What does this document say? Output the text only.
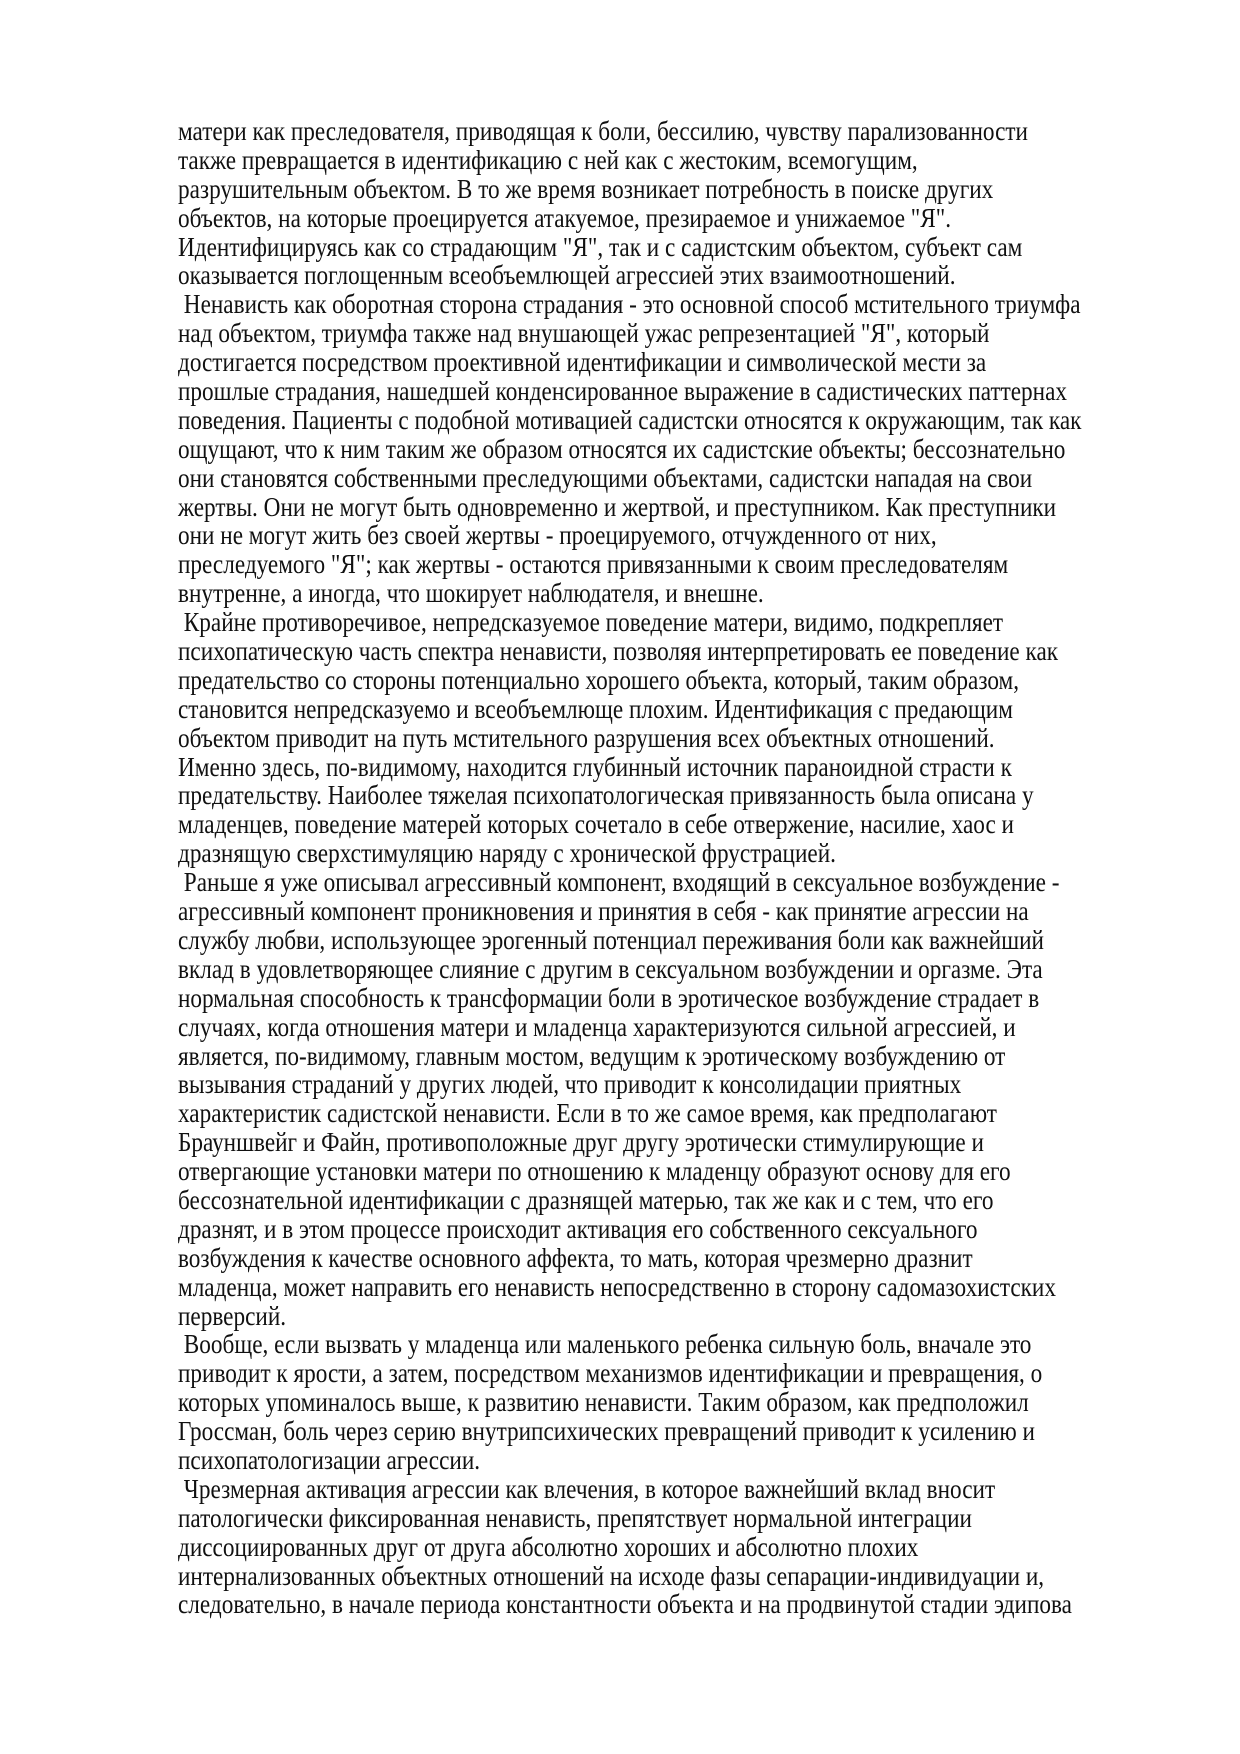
матери как преследователя, приводящая к боли, бессилию, чувству парализованности
также превращается в идентификацию с ней как с жестоким, всемогущим,
разрушительным объектом. В то же время возникает потребность в поиске других
объектов, на которые проецируется атакуемое, презираемое и унижаемое "Я".
Идентифицируясь как со страдающим "Я", так и с садистским объектом, субъект сам
оказывается поглощенным всеобъемлющей агрессией этих взаимоотношений.
Ненависть как оборотная сторона страдания - это основной способ мстительного триумфа
над объектом, триумфа также над внушающей ужас репрезентацией "Я", который
достигается посредством проективной идентификации и символической мести за
прошлые страдания, нашедшей конденсированное выражение в садистических паттернах
поведения. Пациенты с подобной мотивацией садистски относятся к окружающим, так как
ощущают, что к ним таким же образом относятся их садистские объекты; бессознательно
они становятся собственными преследующими объектами, садистски нападая на свои
жертвы. Они не могут быть одновременно и жертвой, и преступником. Как преступники
они не могут жить без своей жертвы - проецируемого, отчужденного от них,
преследуемого "Я"; как жертвы - остаются привязанными к своим преследователям
внутренне, а иногда, что шокирует наблюдателя, и внешне.
Крайне противоречивое, непредсказуемое поведение матери, видимо, подкрепляет
психопатическую часть спектра ненависти, позволяя интерпретировать ее поведение как
предательство со стороны потенциально хорошего объекта, который, таким образом,
становится непредсказуемо и всеобъемлюще плохим. Идентификация с предающим
объектом приводит на путь мстительного разрушения всех объектных отношений.
Именно здесь, по-видимому, находится глубинный источник параноидной страсти к
предательству. Наиболее тяжелая психопатологическая привязанность была описана у
младенцев, поведение матерей которых сочетало в себе отвержение, насилие, хаос и
дразнящую сверхстимуляцию наряду с хронической фрустрацией.
Раньше я уже описывал агрессивный компонент, входящий в сексуальное возбуждение -
агрессивный компонент проникновения и принятия в себя - как принятие агрессии на
службу любви, использующее эрогенный потенциал переживания боли как важнейший
вклад в удовлетворяющее слияние с другим в сексуальном возбуждении и оргазме. Эта
нормальная способность к трансформации боли в эротическое возбуждение страдает в
случаях, когда отношения матери и младенца характеризуются сильной агрессией, и
является, по-видимому, главным мостом, ведущим к эротическому возбуждению от
вызывания страданий у других людей, что приводит к консолидации приятных
характеристик садистской ненависти. Если в то же самое время, как предполагают
Брауншвейг и Файн, противоположные друг другу эротически стимулирующие и
отвергающие установки матери по отношению к младенцу образуют основу для его
бессознательной идентификации с дразнящей матерью, так же как и с тем, что его
дразнят, и в этом процессе происходит активация его собственного сексуального
возбуждения к качестве основного аффекта, то мать, которая чрезмерно дразнит
младенца, может направить его ненависть непосредственно в сторону садомазохистских
перверсий.
Вообще, если вызвать у младенца или маленького ребенка сильную боль, вначале это
приводит к ярости, а затем, посредством механизмов идентификации и превращения, о
которых упоминалось выше, к развитию ненависти. Таким образом, как предположил
Гроссман, боль через серию внутрипсихических превращений приводит к усилению и
психопатологизации агрессии.
Чрезмерная активация агрессии как влечения, в которое важнейший вклад вносит
патологически фиксированная ненависть, препятствует нормальной интеграции
диссоциированных друг от друга абсолютно хороших и абсолютно плохих
интернализованных объектных отношений на исходе фазы сепарации-индивидуации и,
следовательно, в начале периода константности объекта и на продвинутой стадии эдипова
